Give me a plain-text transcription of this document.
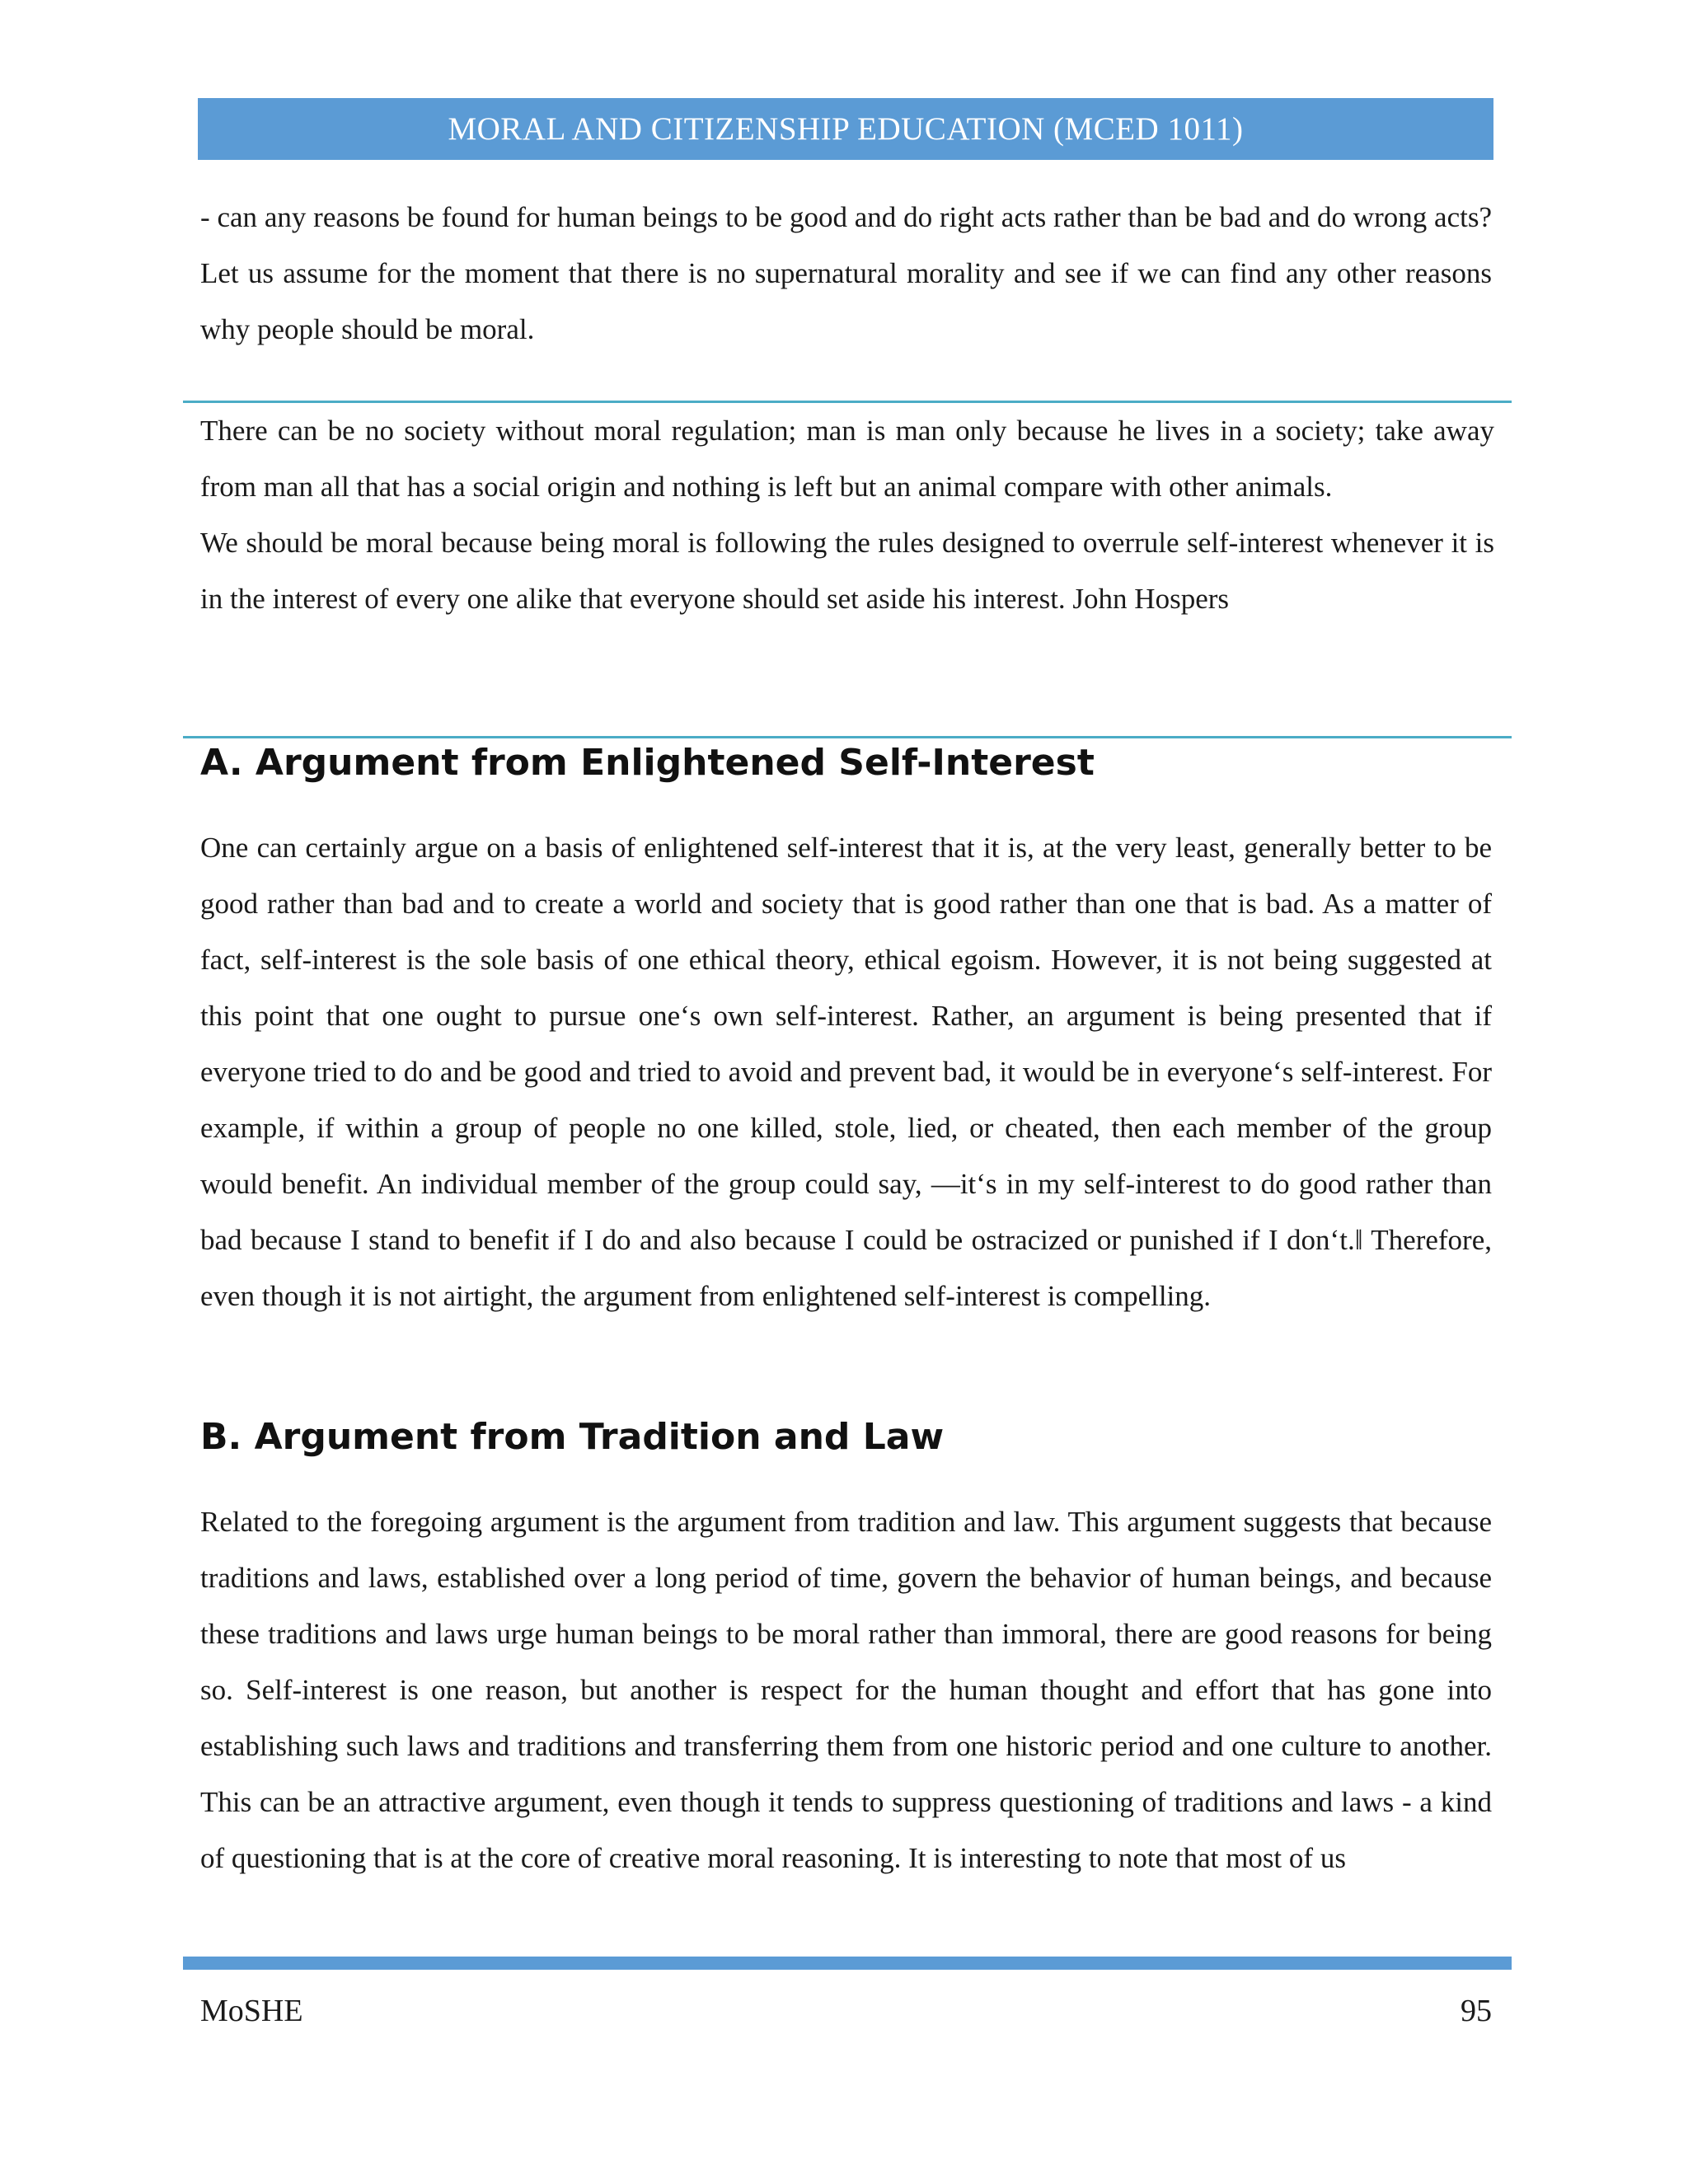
MORAL AND CITIZENSHIP EDUCATION (MCED 1011)

- can any reasons be found for human beings to be good and do right acts rather than be bad and do wrong acts? Let us assume for the moment that there is no supernatural morality and see if we can find any other reasons why people should be moral.

There can be no society without moral regulation; man is man only because he lives in a society; take away from man all that has a social origin and nothing is left but an animal compare with other animals.

We should be moral because being moral is following the rules designed to overrule self-interest whenever it is in the interest of every one alike that everyone should set aside his interest. John Hospers

A. Argument from Enlightened Self-Interest

One can certainly argue on a basis of enlightened self-interest that it is, at the very least, generally better to be good rather than bad and to create a world and society that is good rather than one that is bad. As a matter of fact, self-interest is the sole basis of one ethical theory, ethical egoism. However, it is not being suggested at this point that one ought to pursue one‘s own self-interest. Rather, an argument is being presented that if everyone tried to do and be good and tried to avoid and prevent bad, it would be in everyone‘s self-interest. For example, if within a group of people no one killed, stole, lied, or cheated, then each member of the group would benefit. An individual member of the group could say, ―it‘s in my self-interest to do good rather than bad because I stand to benefit if I do and also because I could be ostracized or punished if I don‘t.‖ Therefore, even though it is not airtight, the argument from enlightened self-interest is compelling.

B. Argument from Tradition and Law

Related to the foregoing argument is the argument from tradition and law. This argument suggests that because traditions and laws, established over a long period of time, govern the behavior of human beings, and because these traditions and laws urge human beings to be moral rather than immoral, there are good reasons for being so. Self-interest is one reason, but another is respect for the human thought and effort that has gone into establishing such laws and traditions and transferring them from one historic period and one culture to another. This can be an attractive argument, even though it tends to suppress questioning of traditions and laws - a kind of questioning that is at the core of creative moral reasoning. It is interesting to note that most of us

MoSHE	95
